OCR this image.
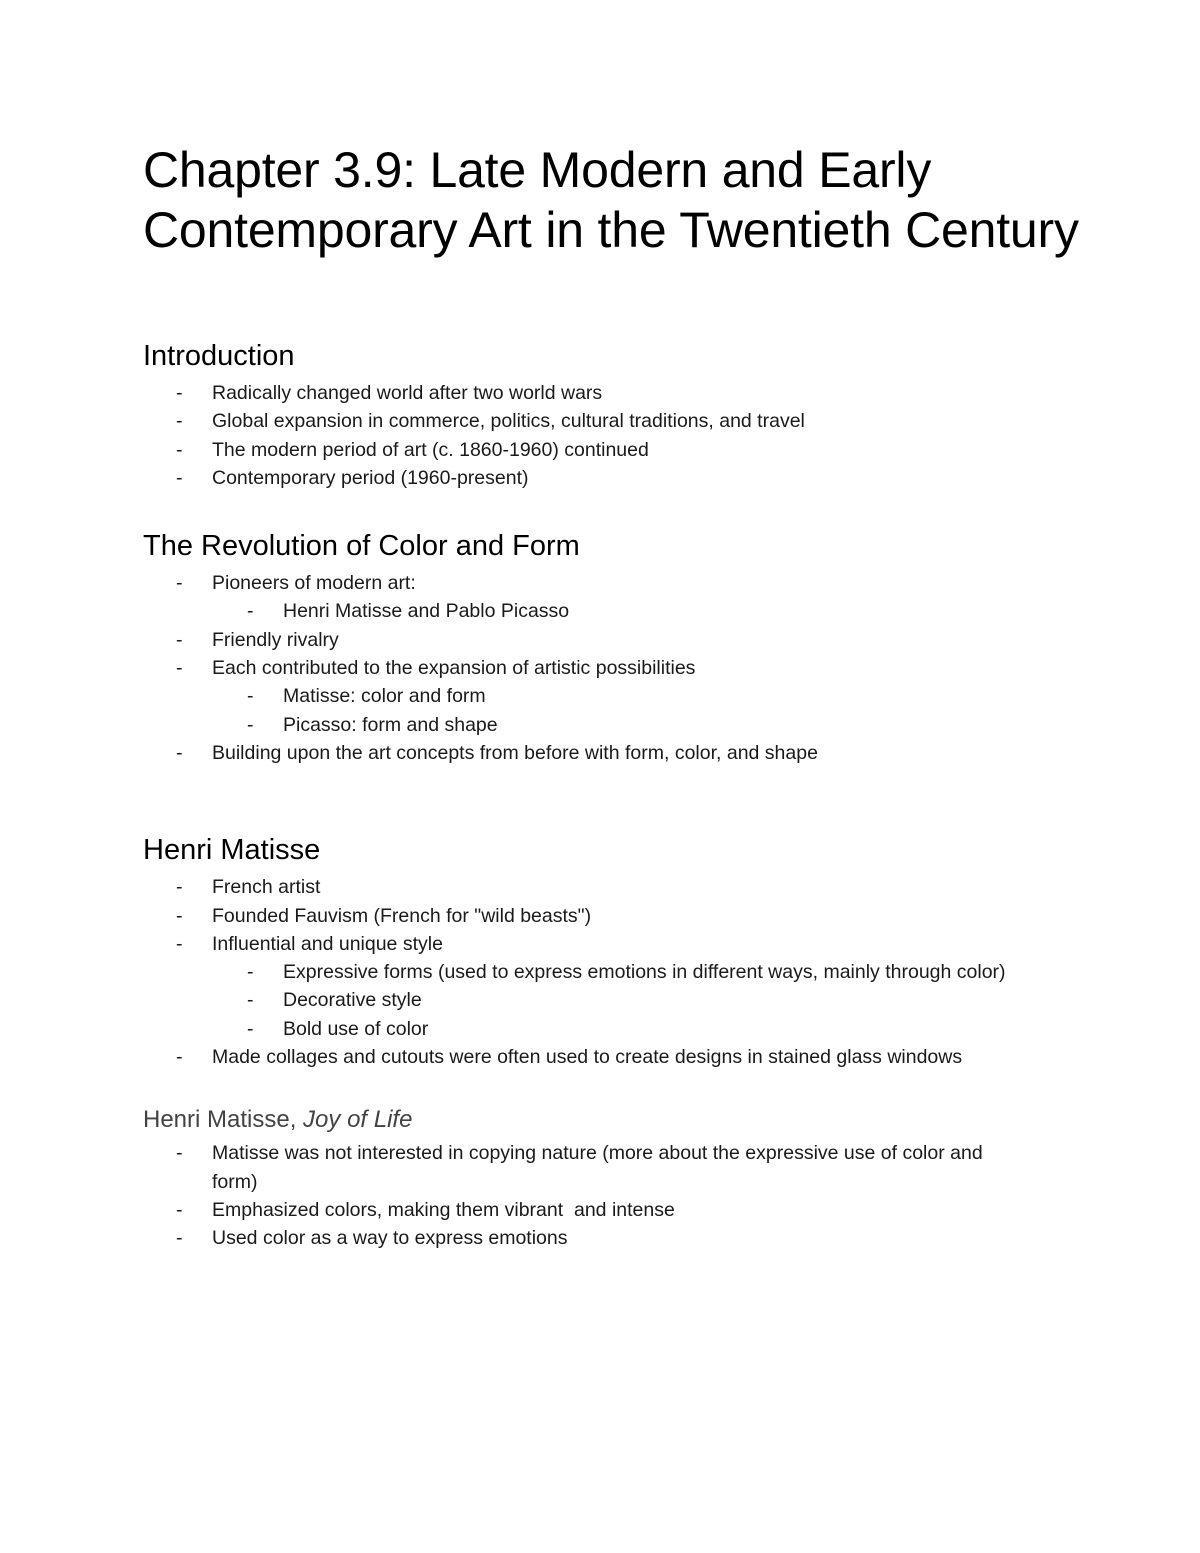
Chapter 3.9: Late Modern and Early Contemporary Art in the Twentieth Century
Introduction
- Radically changed world after two world wars
- Global expansion in commerce, politics, cultural traditions, and travel
- The modern period of art (c. 1860-1960) continued
- Contemporary period (1960-present)
The Revolution of Color and Form
- Pioneers of modern art:
- Henri Matisse and Pablo Picasso
- Friendly rivalry
- Each contributed to the expansion of artistic possibilities
- Matisse: color and form
- Picasso: form and shape
- Building upon the art concepts from before with form, color, and shape
Henri Matisse
- French artist
- Founded Fauvism (French for "wild beasts")
- Influential and unique style
- Expressive forms (used to express emotions in different ways, mainly through color)
- Decorative style
- Bold use of color
- Made collages and cutouts were often used to create designs in stained glass windows
Henri Matisse, Joy of Life
- Matisse was not interested in copying nature (more about the expressive use of color and form)
- Emphasized colors, making them vibrant  and intense
- Used color as a way to express emotions
